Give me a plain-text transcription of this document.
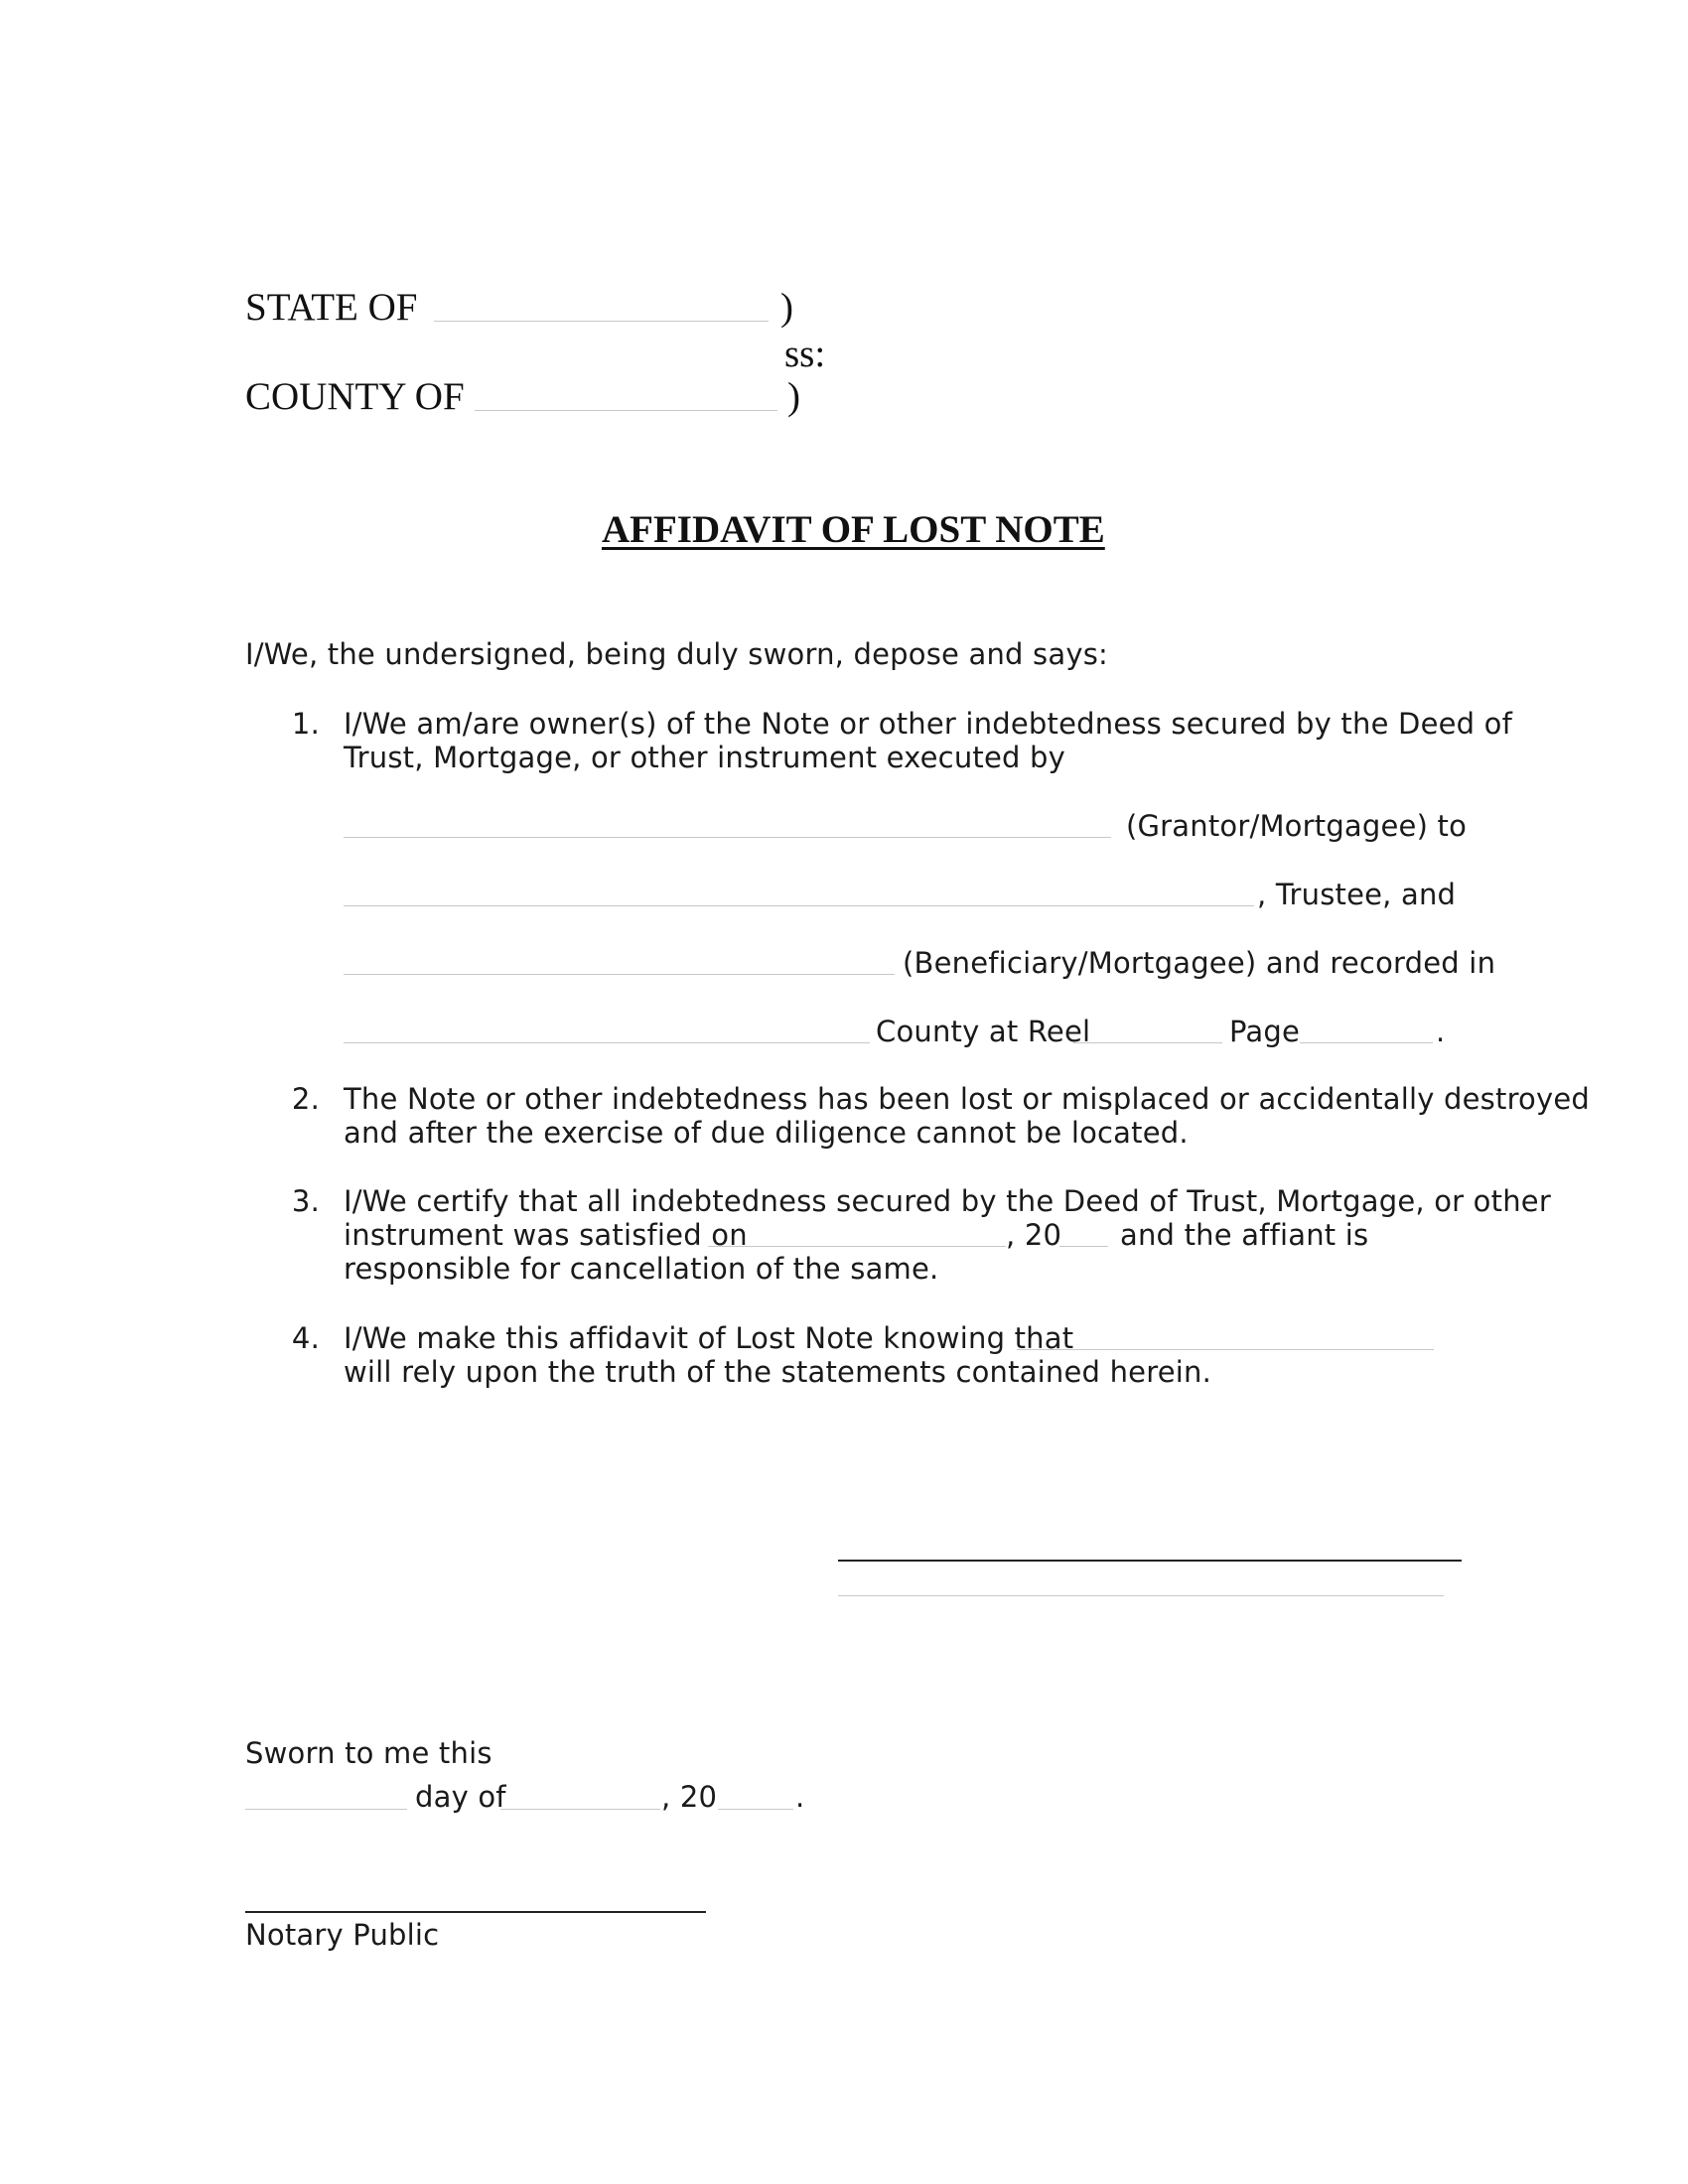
STATE OF	)
ss:
COUNTY OF	)
AFFIDAVIT OF LOST NOTE
I/We, the undersigned, being duly sworn, depose and says:
1. I/We am/are owner(s) of the Note or other indebtedness secured by the Deed of
Trust, Mortgage, or other instrument executed by
(Grantor/Mortgagee) to
, Trustee, and
(Beneficiary/Mortgagee) and recorded in
County at Reel	Page	.
2. The Note or other indebtedness has been lost or misplaced or accidentally destroyed
and after the exercise of due diligence cannot be located.
3. I/We certify that all indebtedness secured by the Deed of Trust, Mortgage, or other
instrument was satisfied on	, 20 and the affiant is
responsible for cancellation of the same.
4. I/We make this affidavit of Lost Note knowing that
will rely upon the truth of the statements contained herein.
Sworn to me this
day of	, 20	.
Notary Public
